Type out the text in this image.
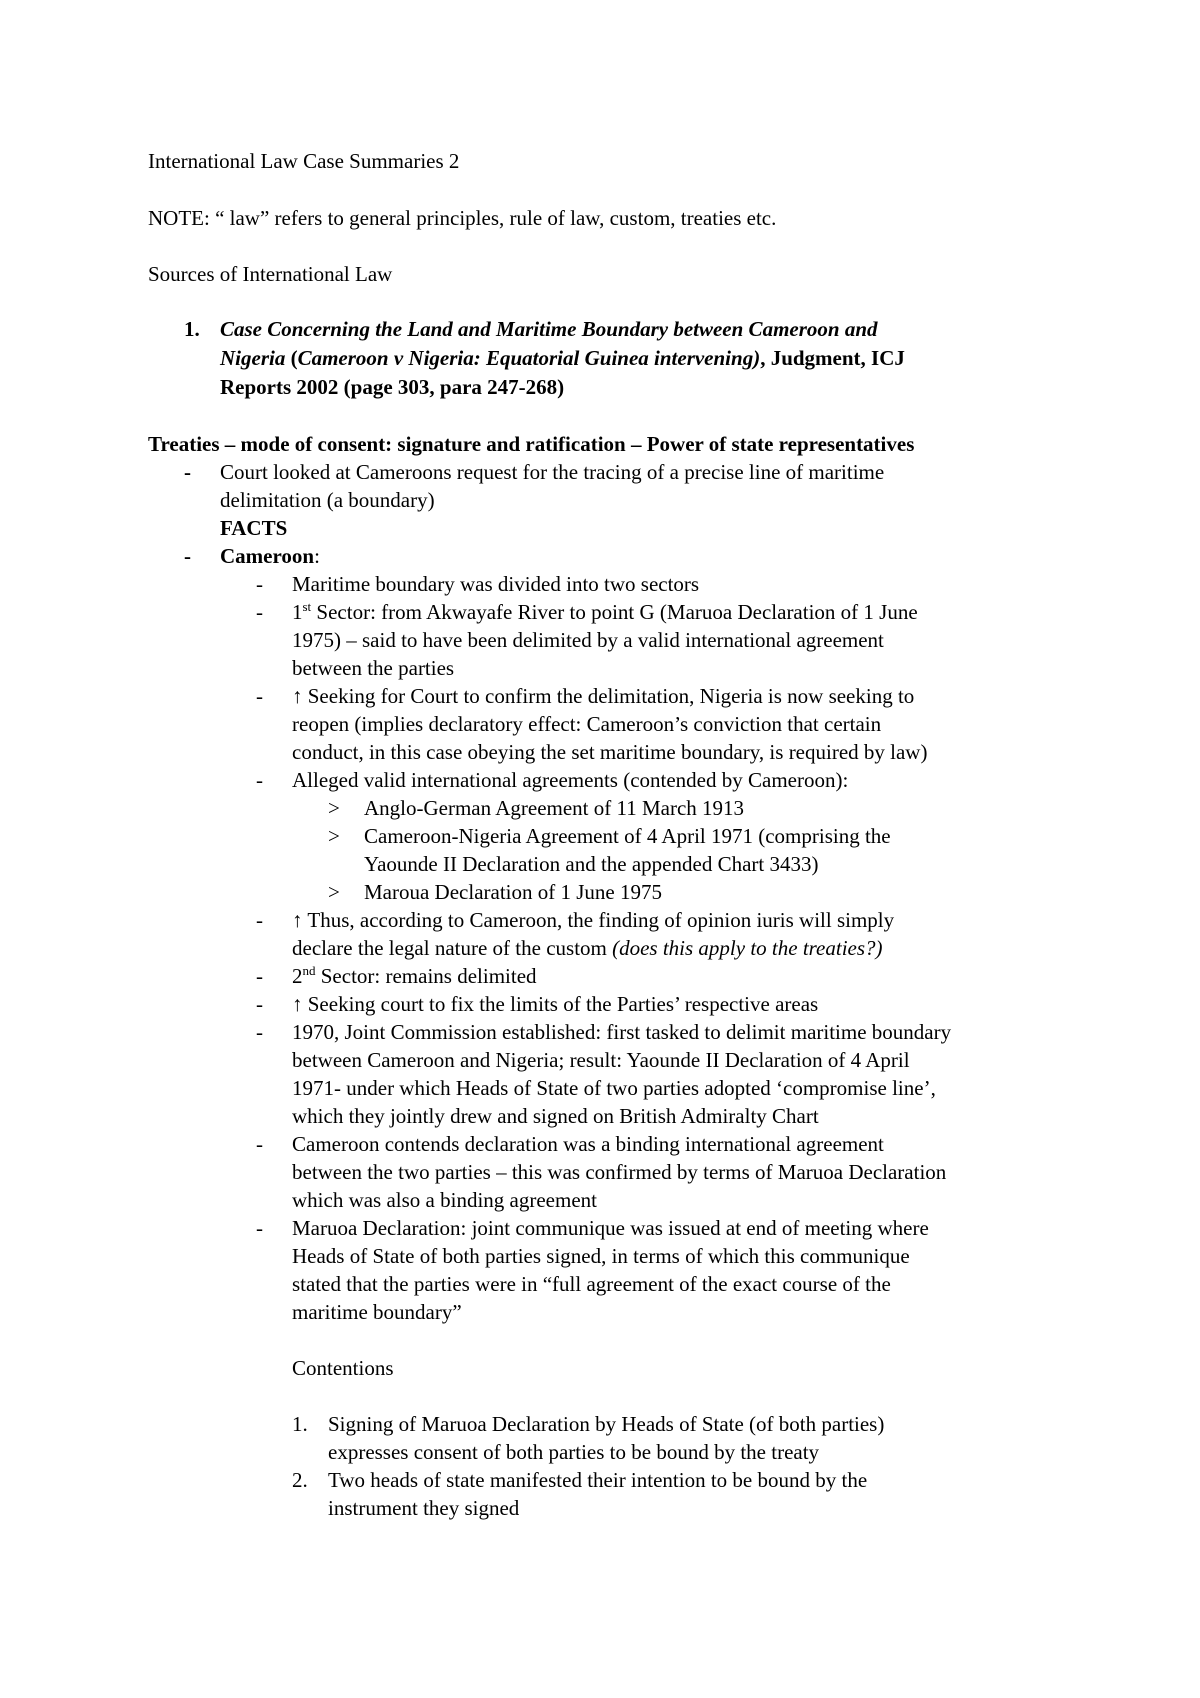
International Law Case Summaries 2
NOTE: “ law” refers to general principles, rule of law, custom, treaties etc.
Sources of International Law
1. Case Concerning the Land and Maritime Boundary between Cameroon and
Nigeria (Cameroon v Nigeria: Equatorial Guinea intervening), Judgment, ICJ
Reports 2002 (page 303, para 247-268)
Treaties – mode of consent: signature and ratification – Power of state representatives
- Court looked at Cameroons request for the tracing of a precise line of maritime
delimitation (a boundary)
FACTS
- Cameroon:
- Maritime boundary was divided into two sectors
- 1st Sector: from Akwayafe River to point G (Maruoa Declaration of 1 June
1975) – said to have been delimited by a valid international agreement
between the parties
- ↑ Seeking for Court to confirm the delimitation, Nigeria is now seeking to
reopen (implies declaratory effect: Cameroon’s conviction that certain
conduct, in this case obeying the set maritime boundary, is required by law)
- Alleged valid international agreements (contended by Cameroon):
> Anglo-German Agreement of 11 March 1913
> Cameroon-Nigeria Agreement of 4 April 1971 (comprising the
Yaounde II Declaration and the appended Chart 3433)
> Maroua Declaration of 1 June 1975
- ↑ Thus, according to Cameroon, the finding of opinion iuris will simply
declare the legal nature of the custom (does this apply to the treaties?)
- 2nd Sector: remains delimited
- ↑ Seeking court to fix the limits of the Parties’ respective areas
- 1970, Joint Commission established: first tasked to delimit maritime boundary
between Cameroon and Nigeria; result: Yaounde II Declaration of 4 April
1971- under which Heads of State of two parties adopted ‘compromise line’,
which they jointly drew and signed on British Admiralty Chart
- Cameroon contends declaration was a binding international agreement
between the two parties – this was confirmed by terms of Maruoa Declaration
which was also a binding agreement
- Maruoa Declaration: joint communique was issued at end of meeting where
Heads of State of both parties signed, in terms of which this communique
stated that the parties were in “full agreement of the exact course of the
maritime boundary”
Contentions
1. Signing of Maruoa Declaration by Heads of State (of both parties)
expresses consent of both parties to be bound by the treaty
2. Two heads of state manifested their intention to be bound by the
instrument they signed
